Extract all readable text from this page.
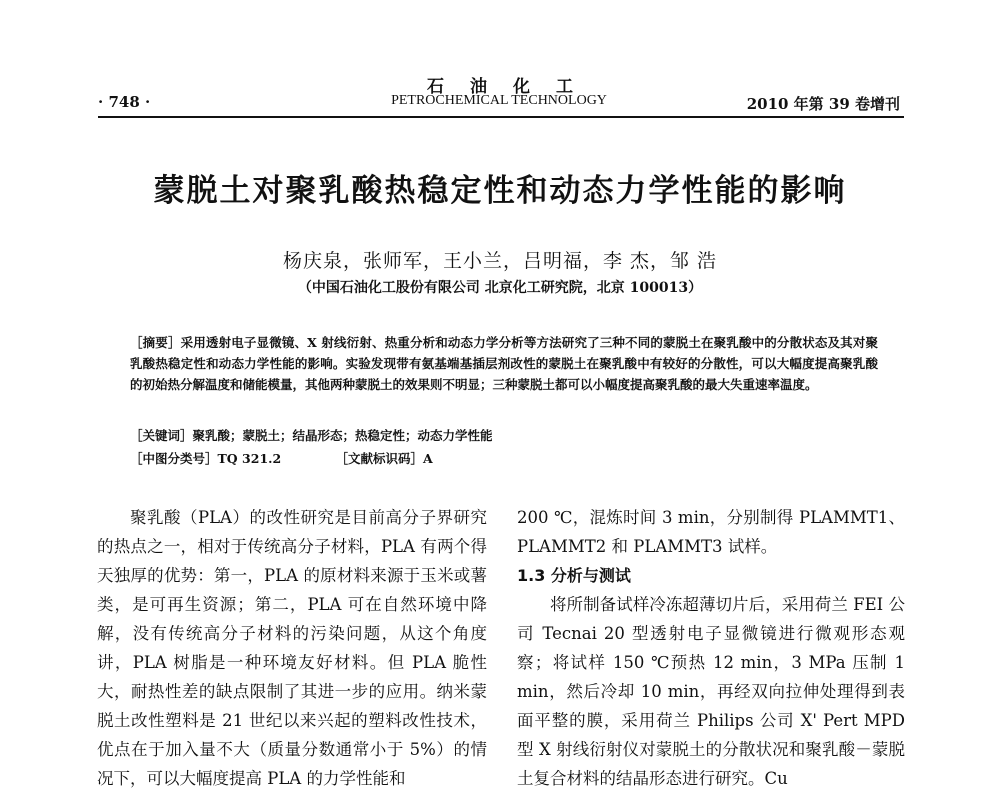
石油化工
· 748 ·	PETROCHEMICAL TECHNOLOGY	2010 年第 39 卷增刊
蒙脱土对聚乳酸热稳定性和动态力学性能的影响
杨庆泉，张师军，王小兰，吕明福，李 杰，邹 浩
（中国石油化工股份有限公司 北京化工研究院，北京 100013）
［摘要］采用透射电子显微镜、X 射线衍射、热重分析和动态力学分析等方法研究了三种不同的蒙脱土在聚乳酸中的分散状态及其对聚乳酸热稳定性和动态力学性能的影响。实验发现带有氨基端基插层剂改性的蒙脱土在聚乳酸中有较好的分散性，可以大幅度提高聚乳酸的初始热分解温度和储能模量，其他两种蒙脱土的效果则不明显；三种蒙脱土都可以小幅度提高聚乳酸的最大失重速率温度。
［关键词］聚乳酸；蒙脱土；结晶形态；热稳定性；动态力学性能
［中图分类号］TQ 321.2	［文献标识码］A

聚乳酸（PLA）的改性研究是目前高分子界研究的热点之一，相对于传统高分子材料，PLA 有两个得天独厚的优势：第一，PLA 的原材料来源于玉米或薯类，是可再生资源；第二，PLA 可在自然环境中降解，没有传统高分子材料的污染问题，从这个角度讲，PLA 树脂是一种环境友好材料。但 PLA 脆性大，耐热性差的缺点限制了其进一步的应用。纳米蒙脱土改性塑料是 21 世纪以来兴起的塑料改性技术，优点在于加入量不大（质量分数通常小于 5%）的情况下，可以大幅度提高 PLA 的力学性能和

200 ℃，混炼时间 3 min，分别制得 PLAMMT1、PLAMMT2 和 PLAMMT3 试样。

1.3 分析与测试

将所制备试样冷冻超薄切片后，采用荷兰 FEI 公司 Tecnai 20 型透射电子显微镜进行微观形态观察；将试样 150 ℃预热 12 min，3 MPa 压制 1 min，然后冷却 10 min，再经双向拉伸处理得到表面平整的膜，采用荷兰 Philips 公司 X' Pert MPD 型 X 射线衍射仪对蒙脱土的分散状况和聚乳酸－蒙脱土复合材料的结晶形态进行研究。Cu
